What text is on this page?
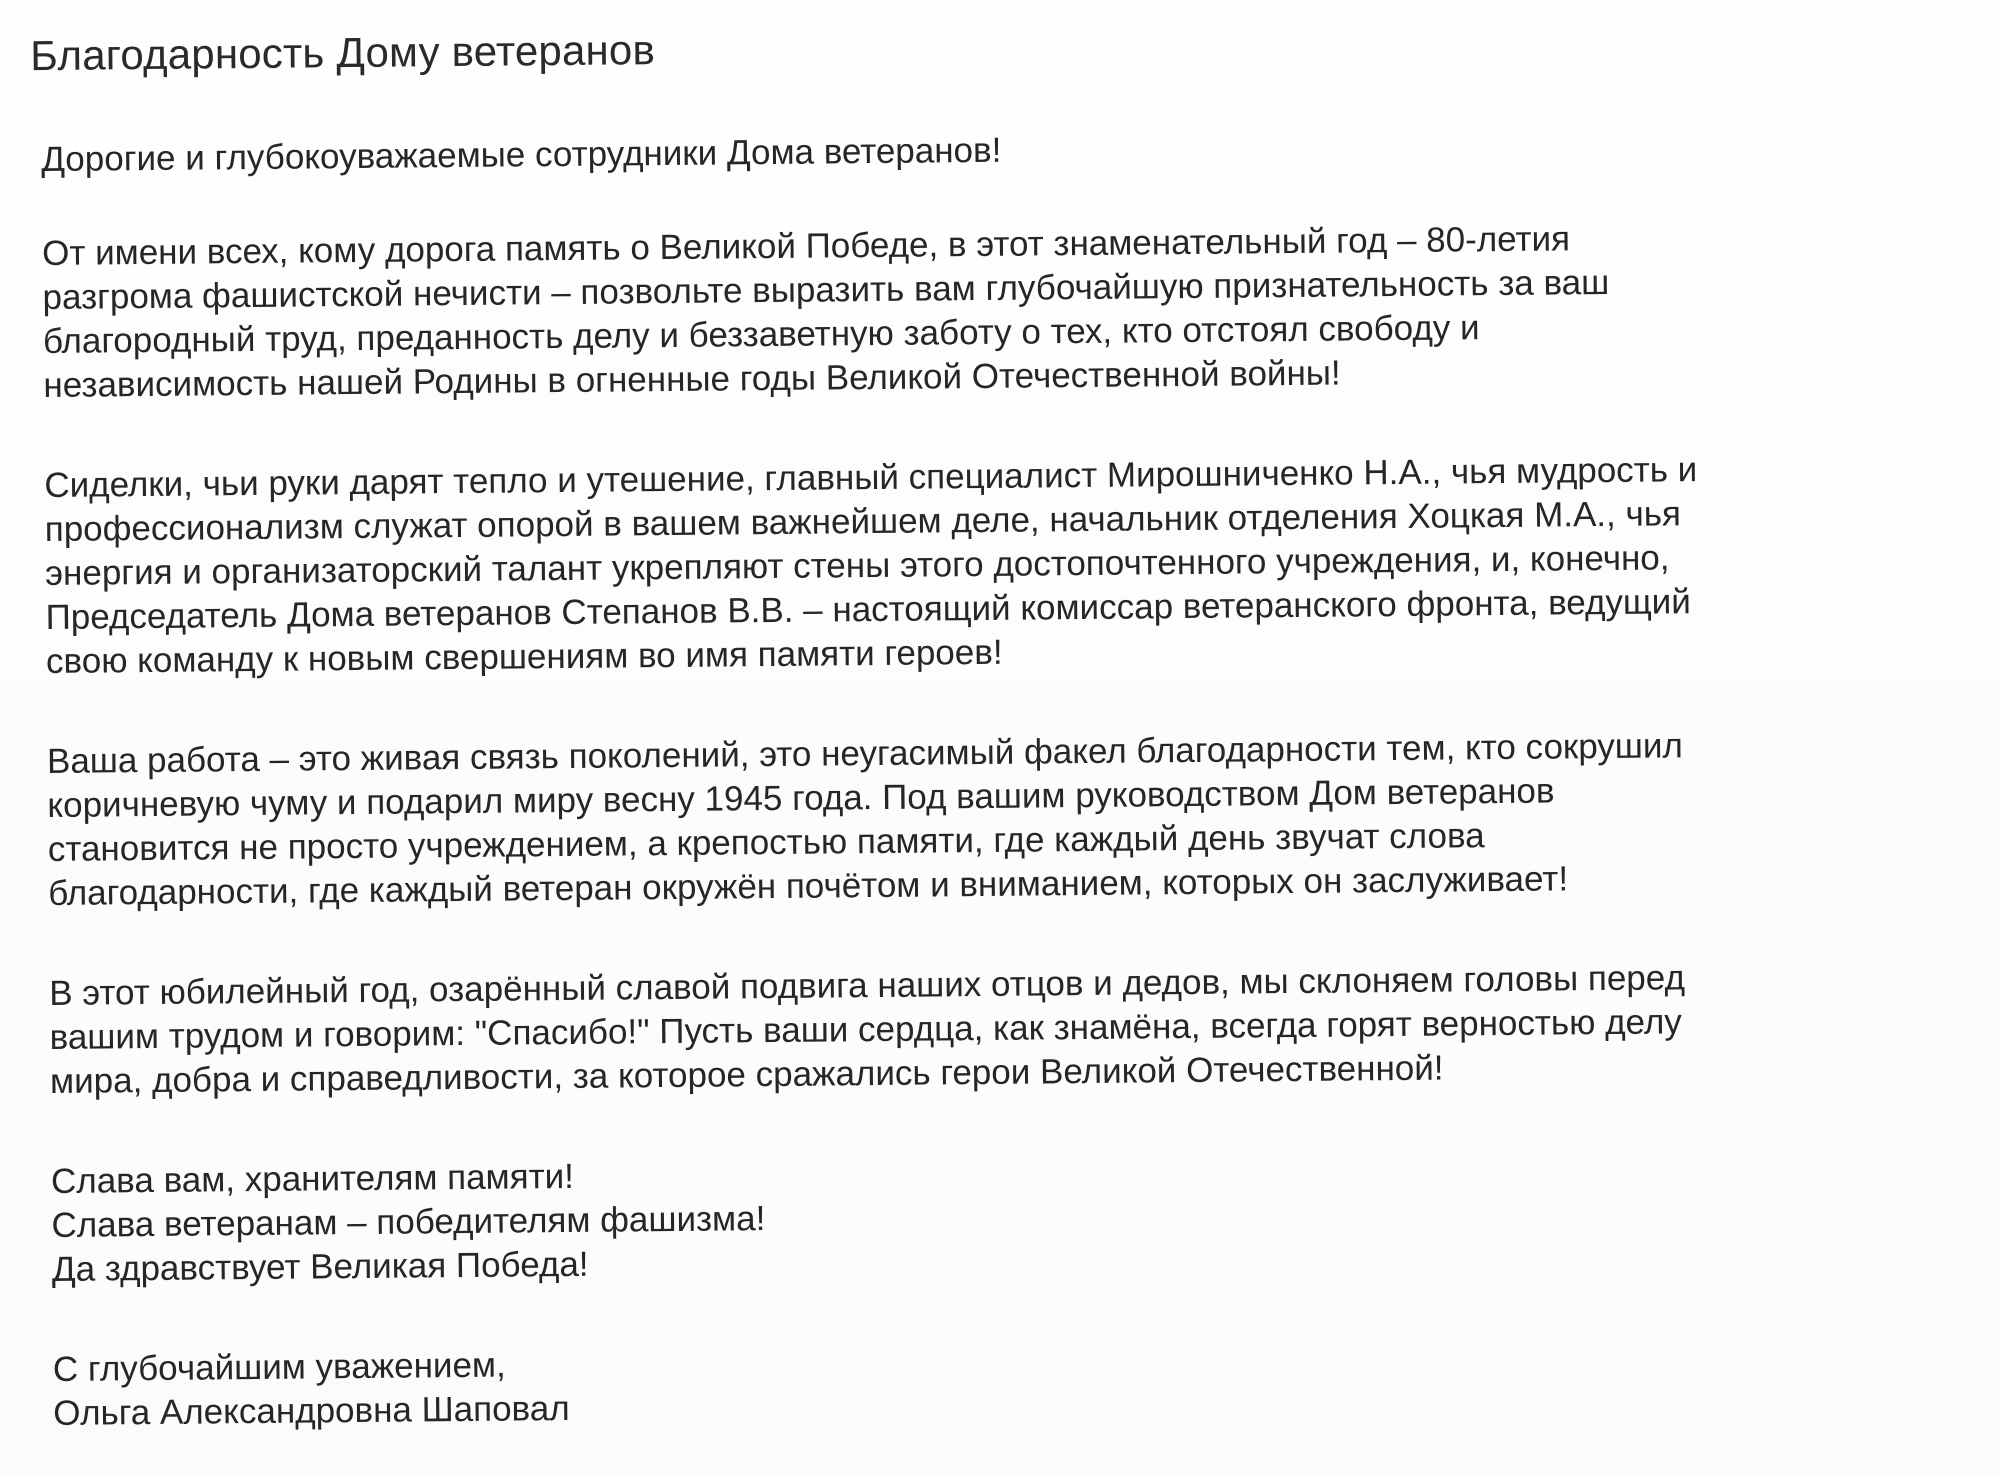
Благодарность Дому ветеранов

Дорогие и глубокоуважаемые сотрудники Дома ветеранов!

От имени всех, кому дорога память о Великой Победе, в этот знаменательный год – 80-летия
разгрома фашистской нечисти – позвольте выразить вам глубочайшую признательность за ваш
благородный труд, преданность делу и беззаветную заботу о тех, кто отстоял свободу и
независимость нашей Родины в огненные годы Великой Отечественной войны!

Сиделки, чьи руки дарят тепло и утешение, главный специалист Мирошниченко Н.А., чья мудрость и
профессионализм служат опорой в вашем важнейшем деле, начальник отделения Хоцкая М.А., чья
энергия и организаторский талант укрепляют стены этого достопочтенного учреждения, и, конечно,
Председатель Дома ветеранов Степанов В.В. – настоящий комиссар ветеранского фронта, ведущий
свою команду к новым свершениям во имя памяти героев!

Ваша работа – это живая связь поколений, это неугасимый факел благодарности тем, кто сокрушил
коричневую чуму и подарил миру весну 1945 года. Под вашим руководством Дом ветеранов
становится не просто учреждением, а крепостью памяти, где каждый день звучат слова
благодарности, где каждый ветеран окружён почётом и вниманием, которых он заслуживает!

В этот юбилейный год, озарённый славой подвига наших отцов и дедов, мы склоняем головы перед
вашим трудом и говорим: "Спасибо!" Пусть ваши сердца, как знамёна, всегда горят верностью делу
мира, добра и справедливости, за которое сражались герои Великой Отечественной!

Слава вам, хранителям памяти!
Слава ветеранам – победителям фашизма!
Да здравствует Великая Победа!

С глубочайшим уважением,
Ольга Александровна Шаповал
